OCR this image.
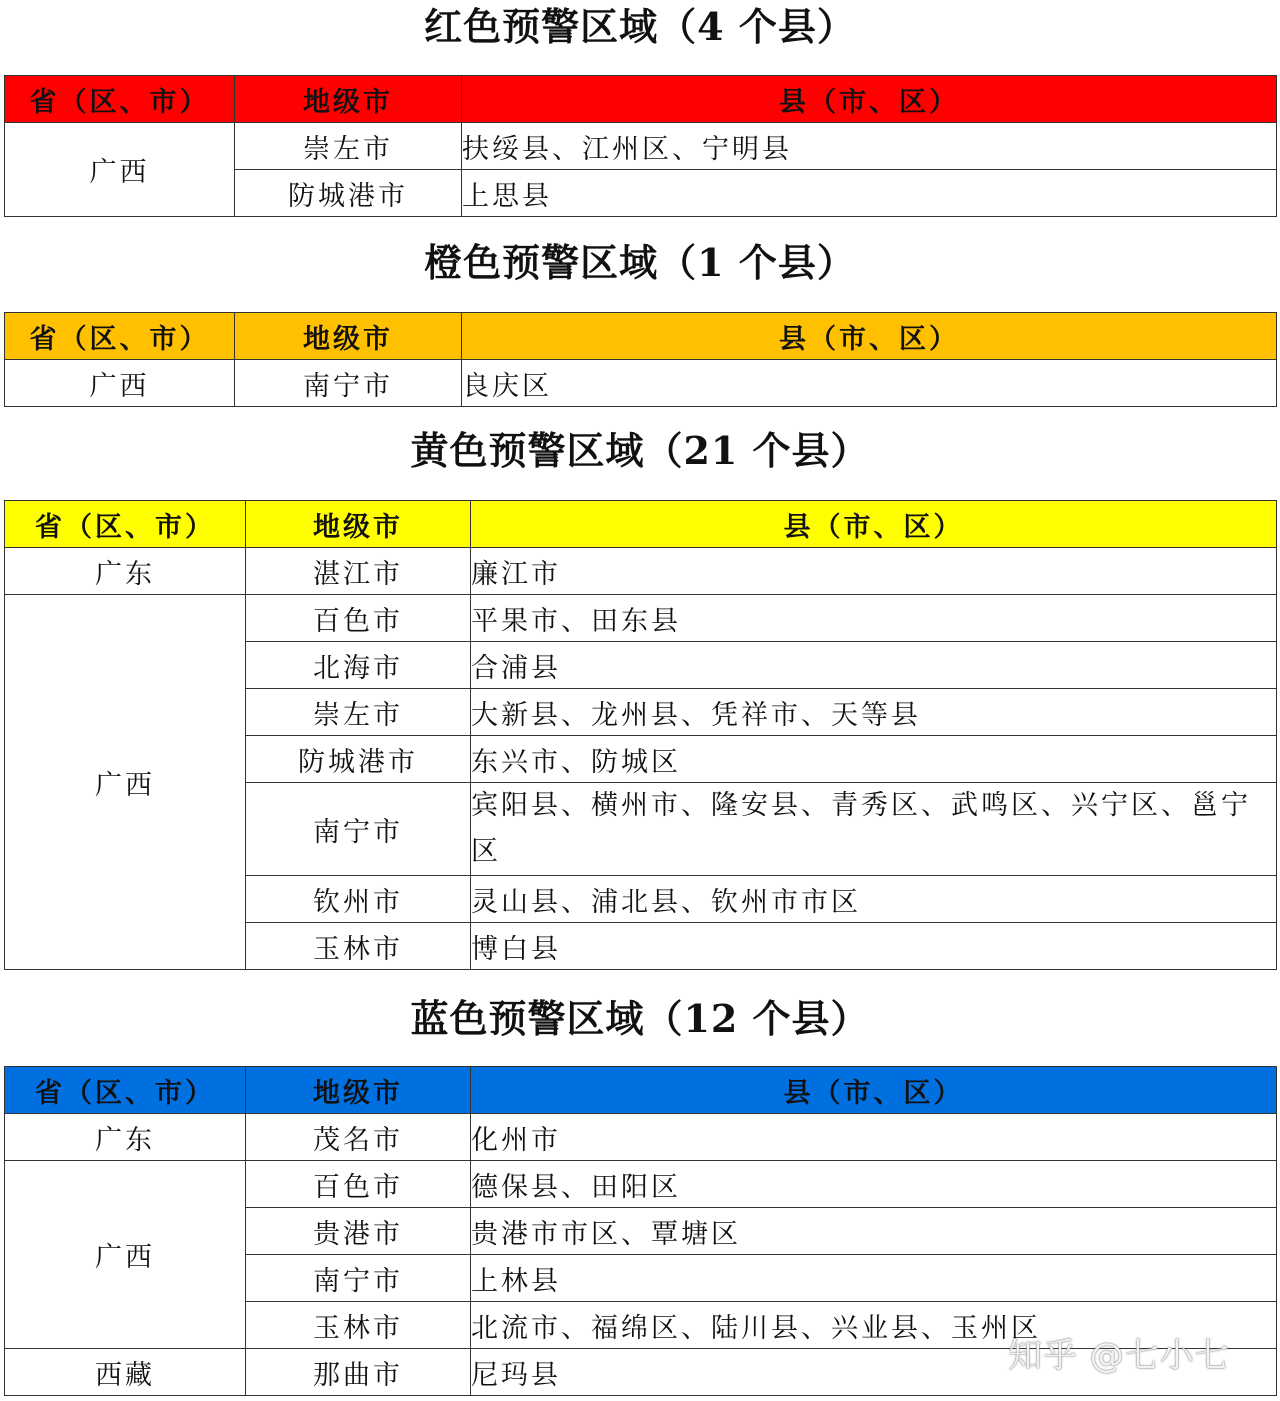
红色预警区域（4 个县）
省（区、市）	地级市	县（市、区）
广西	崇左市	扶绥县、江州区、宁明县
	防城港市	上思县
橙色预警区域（1 个县）
省（区、市）	地级市	县（市、区）
广西	南宁市	良庆区
黄色预警区域（21 个县）
省（区、市）	地级市	县（市、区）
广东	湛江市	廉江市
广西	百色市	平果市、田东县
	北海市	合浦县
	崇左市	大新县、龙州县、凭祥市、天等县
	防城港市	东兴市、防城区
	南宁市	宾阳县、横州市、隆安县、青秀区、武鸣区、兴宁区、邕宁区
	钦州市	灵山县、浦北县、钦州市市区
	玉林市	博白县
蓝色预警区域（12 个县）
省（区、市）	地级市	县（市、区）
广东	茂名市	化州市
广西	百色市	德保县、田阳区
	贵港市	贵港市市区、覃塘区
	南宁市	上林县
	玉林市	北流市、福绵区、陆川县、兴业县、玉州区
西藏	那曲市	尼玛县	知乎 @七小七
